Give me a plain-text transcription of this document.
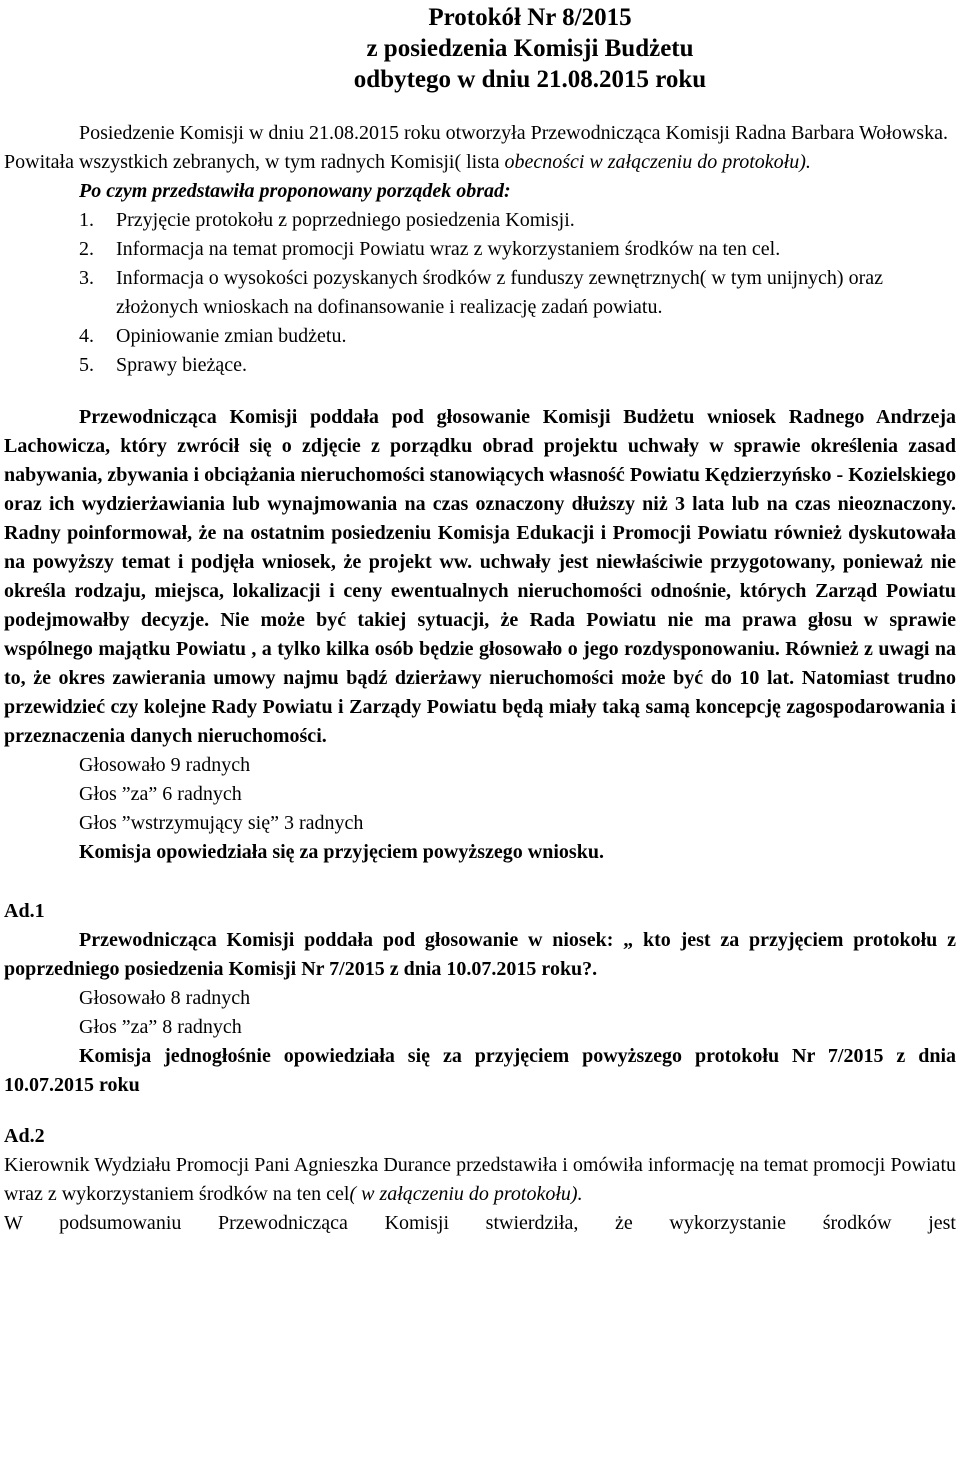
Protokół Nr 8/2015

z posiedzenia Komisji Budżetu

odbytego w dniu 21.08.2015 roku

Posiedzenie Komisji w dniu 21.08.2015 roku otworzyła Przewodnicząca Komisji Radna Barbara Wołowska. Powitała wszystkich zebranych, w tym radnych Komisji( lista obecności w załączeniu do protokołu).

Po czym przedstawiła proponowany porządek obrad:

1. Przyjęcie protokołu z poprzedniego posiedzenia Komisji.
2. Informacja na temat promocji Powiatu wraz z wykorzystaniem środków na ten cel.
3. Informacja o wysokości pozyskanych środków z funduszy zewnętrznych( w tym unijnych) oraz złożonych wnioskach na dofinansowanie i realizację zadań powiatu.
4. Opiniowanie zmian budżetu.
5. Sprawy bieżące.

Przewodnicząca Komisji poddała pod głosowanie Komisji Budżetu wniosek Radnego Andrzeja Lachowicza, który zwrócił się o zdjęcie z porządku obrad projektu uchwały w sprawie określenia zasad nabywania, zbywania i obciążania nieruchomości stanowiących własność Powiatu Kędzierzyńsko - Kozielskiego oraz ich wydzierżawiania lub wynajmowania na czas oznaczony dłuższy niż 3 lata lub na czas nieoznaczony. Radny poinformował, że na ostatnim posiedzeniu Komisja Edukacji i Promocji Powiatu również dyskutowała na powyższy temat i podjęła wniosek, że projekt ww. uchwały jest niewłaściwie przygotowany, ponieważ nie określa rodzaju, miejsca, lokalizacji i ceny ewentualnych nieruchomości odnośnie, których Zarząd Powiatu podejmowałby decyzje. Nie może być takiej sytuacji, że Rada Powiatu nie ma prawa głosu w sprawie wspólnego majątku Powiatu , a tylko kilka osób będzie głosowało o jego rozdysponowaniu. Również z uwagi na to, że okres zawierania umowy najmu bądź dzierżawy nieruchomości może być do 10 lat. Natomiast trudno przewidzieć czy kolejne Rady Powiatu i Zarządy Powiatu będą miały taką samą koncepcję zagospodarowania i przeznaczenia danych nieruchomości.

Głosowało 9 radnych

Głos ”za” 6 radnych

Głos ”wstrzymujący się” 3 radnych

Komisja opowiedziała się za przyjęciem powyższego wniosku.

Ad.1

Przewodnicząca Komisji poddała pod głosowanie w niosek: „ kto jest za przyjęciem protokołu z poprzedniego posiedzenia Komisji Nr 7/2015 z dnia 10.07.2015 roku?.

Głosowało 8 radnych

Głos ”za” 8 radnych

Komisja jednogłośnie opowiedziała się za przyjęciem powyższego protokołu Nr 7/2015 z dnia 10.07.2015 roku

Ad.2

Kierownik Wydziału Promocji Pani Agnieszka Durance przedstawiła i omówiła informację na temat promocji Powiatu wraz z wykorzystaniem środków na ten cel( w załączeniu do protokołu).

W podsumowaniu Przewodnicząca Komisji stwierdziła, że wykorzystanie środków jest
